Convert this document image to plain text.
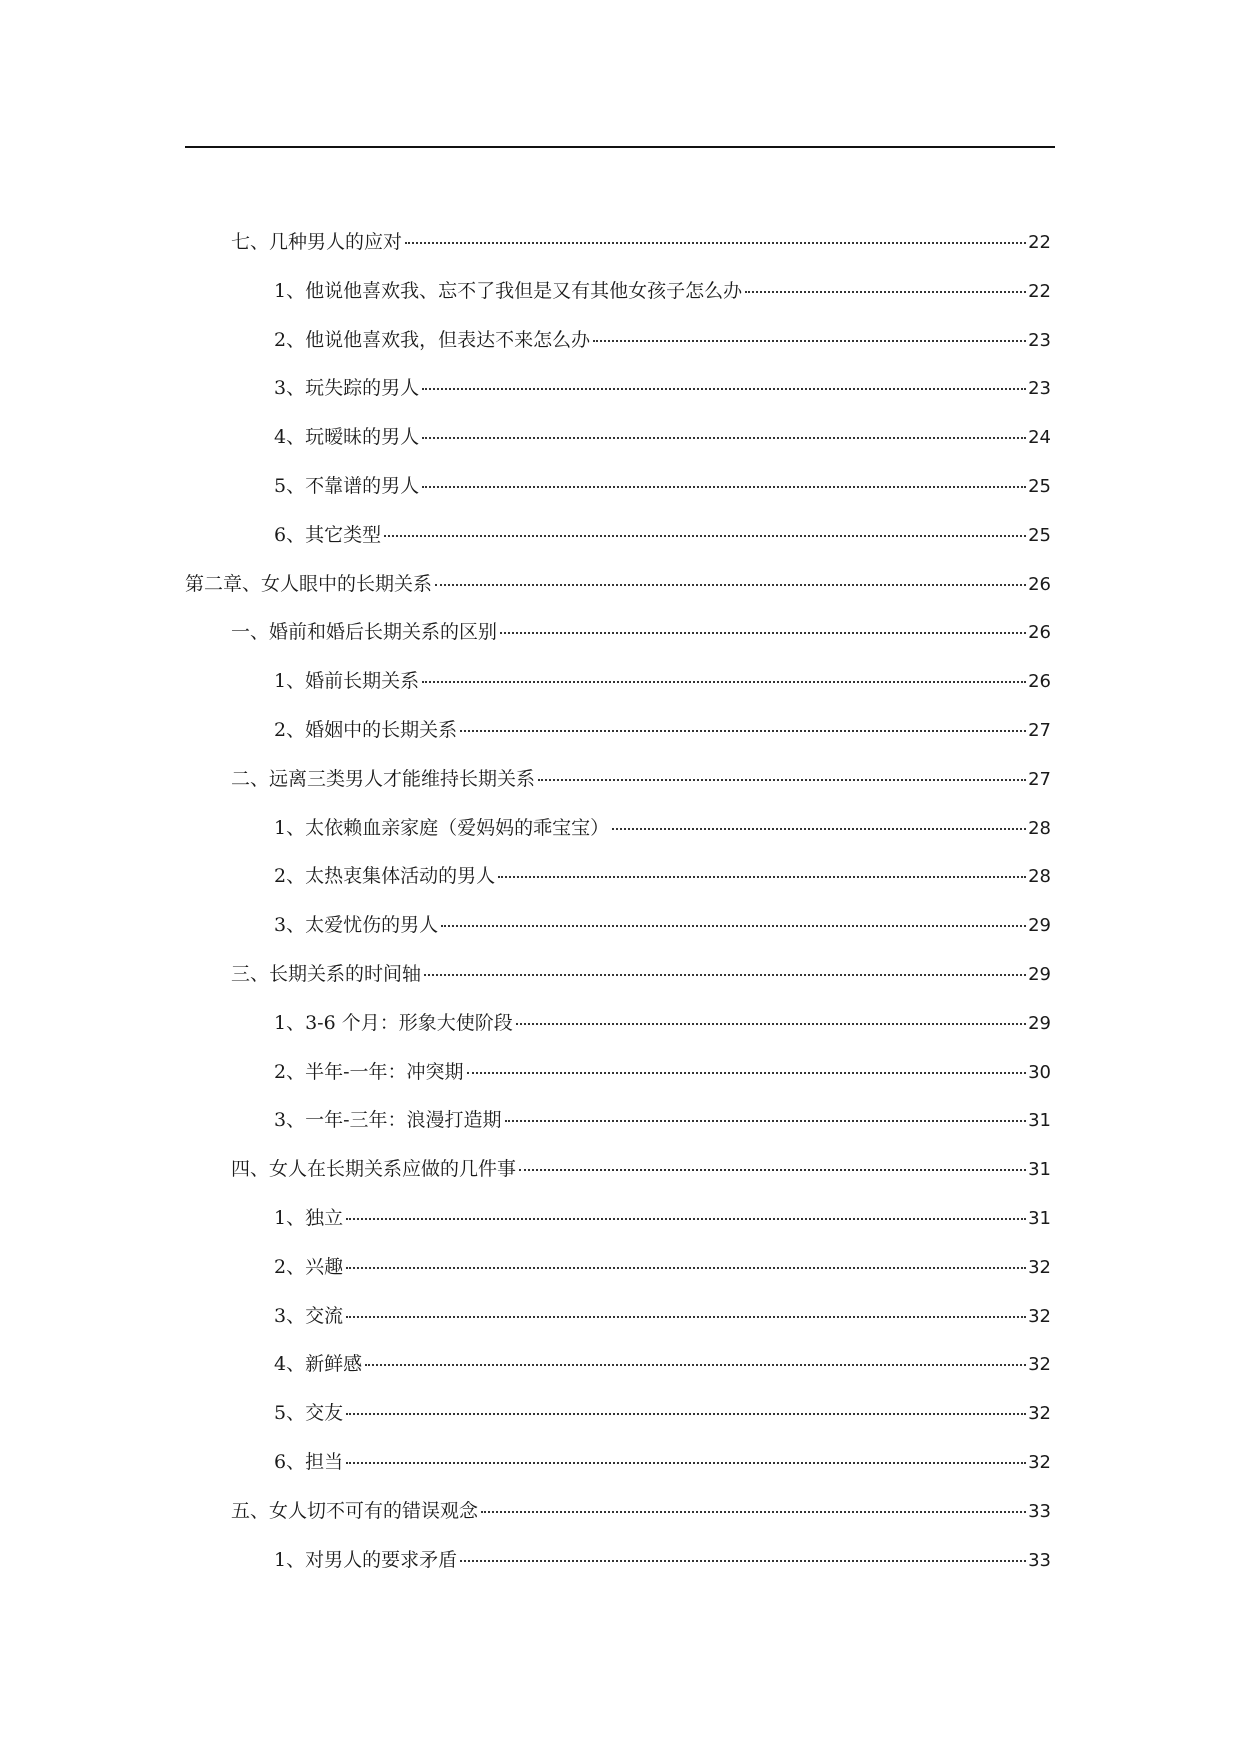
七、几种男人的应对	22
1、他说他喜欢我、忘不了我但是又有其他女孩子怎么办	22
2、他说他喜欢我，但表达不来怎么办	23
3、玩失踪的男人	23
4、玩暧昧的男人	24
5、不靠谱的男人	25
6、其它类型	25
第二章、女人眼中的长期关系	26
一、婚前和婚后长期关系的区别	26
1、婚前长期关系	26
2、婚姻中的长期关系	27
二、远离三类男人才能维持长期关系	27
1、太依赖血亲家庭（爱妈妈的乖宝宝）	28
2、太热衷集体活动的男人	28
3、太爱忧伤的男人	29
三、长期关系的时间轴	29
1、3-6 个月：形象大使阶段	29
2、半年-一年：冲突期	30
3、一年-三年：浪漫打造期	31
四、女人在长期关系应做的几件事	31
1、独立	31
2、兴趣	32
3、交流	32
4、新鲜感	32
5、交友	32
6、担当	32
五、女人切不可有的错误观念	33
1、对男人的要求矛盾	33
